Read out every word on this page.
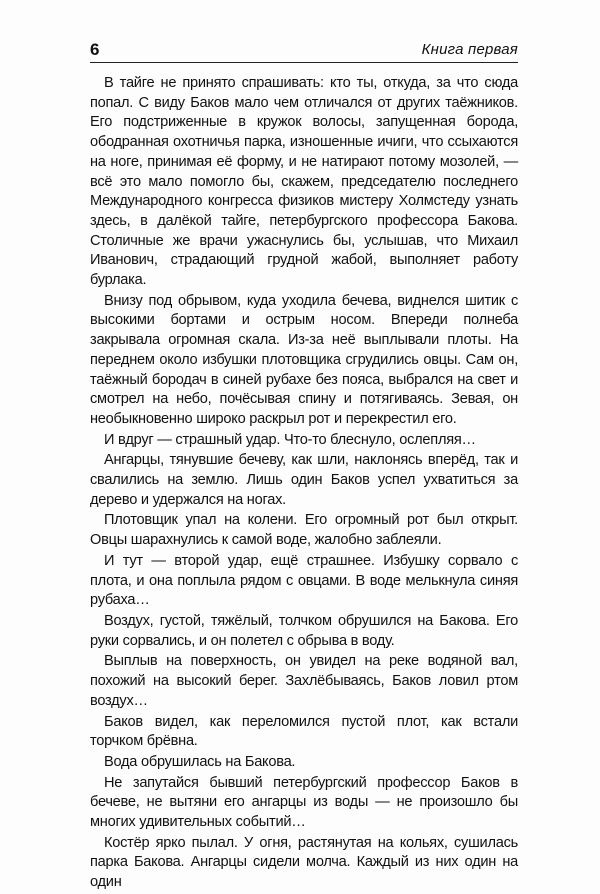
6	Книга первая

В тайге не принято спрашивать: кто ты, откуда, за что сюда попал. С виду Баков мало чем отличался от других таёжников. Его подстриженные в кружок волосы, запущенная борода, ободранная охотничья парка, изношенные ичиги, что ссыхаются на ноге, принимая её форму, и не натирают потому мозолей, — всё это мало помогло бы, скажем, председателю последнего Международного конгресса физиков мистеру Холмстеду узнать здесь, в далёкой тайге, петербургского профессора Бакова. Столичные же врачи ужаснулись бы, услышав, что Михаил Иванович, страдающий грудной жабой, выполняет работу бурлака.

Внизу под обрывом, куда уходила бечева, виднелся шитик с высокими бортами и острым носом. Впереди полнеба закрывала огромная скала. Из-за неё выплывали плоты. На переднем около избушки плотовщика сгрудились овцы. Сам он, таёжный бородач в синей рубахе без пояса, выбрался на свет и смотрел на небо, почёсывая спину и потягиваясь. Зевая, он необыкновенно широко раскрыл рот и перекрестил его.

И вдруг — страшный удар. Что-то блеснуло, ослепляя…

Ангарцы, тянувшие бечеву, как шли, наклонясь вперёд, так и свалились на землю. Лишь один Баков успел ухватиться за дерево и удержался на ногах.

Плотовщик упал на колени. Его огромный рот был открыт. Овцы шарахнулись к самой воде, жалобно заблеяли.

И тут — второй удар, ещё страшнее. Избушку сорвало с плота, и она поплыла рядом с овцами. В воде мелькнула синяя рубаха…

Воздух, густой, тяжёлый, толчком обрушился на Бакова. Его руки сорвались, и он полетел с обрыва в воду.

Выплыв на поверхность, он увидел на реке водяной вал, похожий на высокий берег. Захлёбываясь, Баков ловил ртом воздух…

Баков видел, как переломился пустой плот, как встали торчком брёвна.

Вода обрушилась на Бакова.

Не запутайся бывший петербургский профессор Баков в бечеве, не вытяни его ангарцы из воды — не произошло бы многих удивительных событий…

Костёр ярко пылал. У огня, растянутая на кольях, сушилась парка Бакова. Ангарцы сидели молча. Каждый из них один на один
